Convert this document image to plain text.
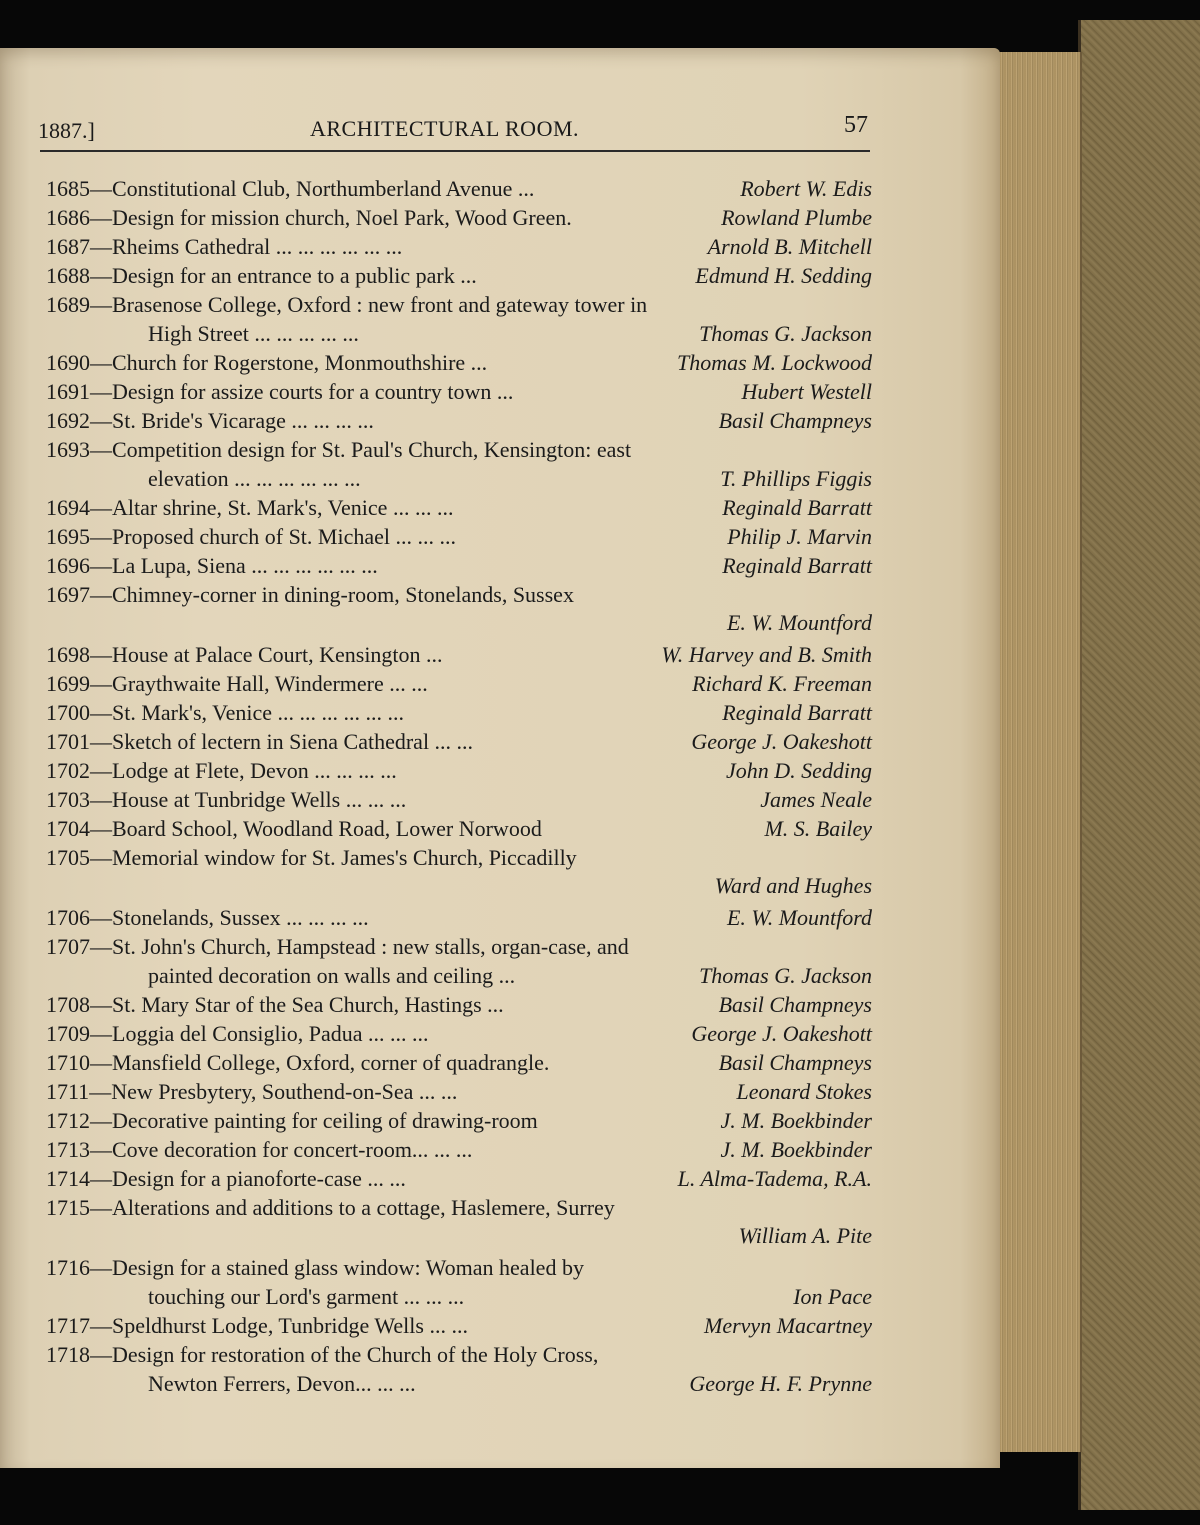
1887.]	ARCHITECTURAL ROOM.	57
1685—Constitutional Club, Northumberland Avenue ...	Robert W. Edis
1686—Design for mission church, Noel Park, Wood Green.	Rowland Plumbe
1687—Rheims Cathedral ... ... ... ... ... ...	Arnold B. Mitchell
1688—Design for an entrance to a public park ...	Edmund H. Sedding
1689—Brasenose College, Oxford : new front and gateway tower in
High Street ... ... ... ... ...	Thomas G. Jackson
1690—Church for Rogerstone, Monmouthshire ...	Thomas M. Lockwood
1691—Design for assize courts for a country town ...	Hubert Westell
1692—St. Bride's Vicarage ... ... ... ...	Basil Champneys
1693—Competition design for St. Paul's Church, Kensington: east
elevation ... ... ... ... ... ...	T. Phillips Figgis
1694—Altar shrine, St. Mark's, Venice ... ... ...	Reginald Barratt
1695—Proposed church of St. Michael ... ... ...	Philip J. Marvin
1696—La Lupa, Siena ... ... ... ... ... ...	Reginald Barratt
1697—Chimney-corner in dining-room, Stonelands, Sussex
E. W. Mountford
1698—House at Palace Court, Kensington ...	W. Harvey and B. Smith
1699—Graythwaite Hall, Windermere ... ...	Richard K. Freeman
1700—St. Mark's, Venice ... ... ... ... ... ...	Reginald Barratt
1701—Sketch of lectern in Siena Cathedral ... ...	George J. Oakeshott
1702—Lodge at Flete, Devon ... ... ... ...	John D. Sedding
1703—House at Tunbridge Wells ... ... ...	James Neale
1704—Board School, Woodland Road, Lower Norwood	M. S. Bailey
1705—Memorial window for St. James's Church, Piccadilly
Ward and Hughes
1706—Stonelands, Sussex ... ... ... ...	E. W. Mountford
1707—St. John's Church, Hampstead : new stalls, organ-case, and
painted decoration on walls and ceiling ...	Thomas G. Jackson
1708—St. Mary Star of the Sea Church, Hastings ...	Basil Champneys
1709—Loggia del Consiglio, Padua ... ... ...	George J. Oakeshott
1710—Mansfield College, Oxford, corner of quadrangle.	Basil Champneys
1711—New Presbytery, Southend-on-Sea ... ...	Leonard Stokes
1712—Decorative painting for ceiling of drawing-room	J. M. Boekbinder
1713—Cove decoration for concert-room... ... ...	J. M. Boekbinder
1714—Design for a pianoforte-case ... ...	L. Alma-Tadema, R.A.
1715—Alterations and additions to a cottage, Haslemere, Surrey
William A. Pite
1716—Design for a stained glass window: Woman healed by
touching our Lord's garment ... ... ...	Ion Pace
1717—Speldhurst Lodge, Tunbridge Wells ... ...	Mervyn Macartney
1718—Design for restoration of the Church of the Holy Cross,
Newton Ferrers, Devon... ... ...	George H. F. Prynne
